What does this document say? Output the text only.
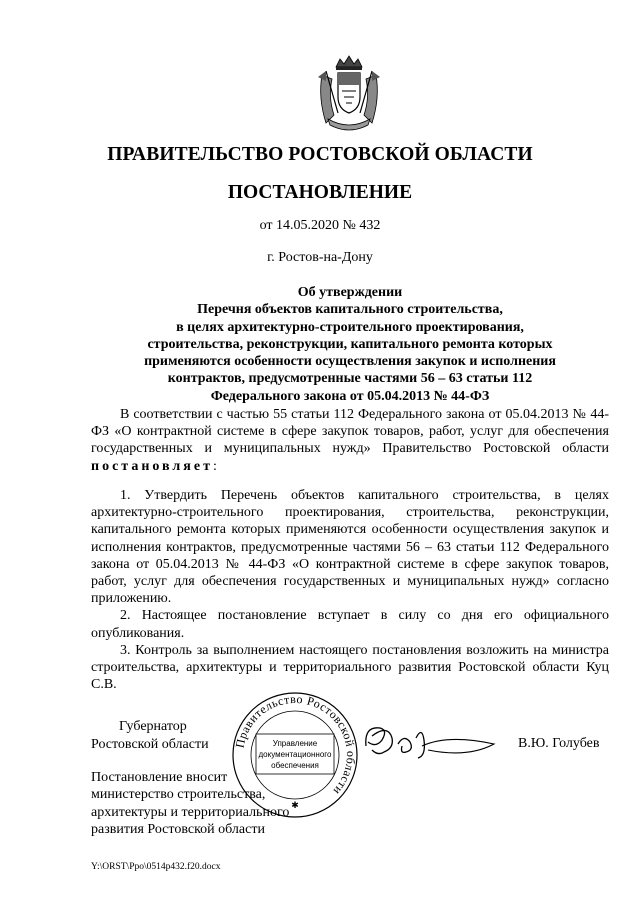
ПРАВИТЕЛЬСТВО РОСТОВСКОЙ ОБЛАСТИ
ПОСТАНОВЛЕНИЕ
от 14.05.2020 № 432
г. Ростов-на-Дону
Об утверждении
Перечня объектов капитального строительства,
в целях архитектурно-строительного проектирования,
строительства, реконструкции, капитального ремонта которых
применяются особенности осуществления закупок и исполнения
контрактов, предусмотренные частями 56 – 63 статьи 112
Федерального закона от 05.04.2013 № 44-ФЗ

В соответствии с частью 55 статьи 112 Федерального закона от 05.04.2013 № 44-ФЗ «О контрактной системе в сфере закупок товаров, работ, услуг для обеспечения государственных и муниципальных нужд» Правительство Ростовской области постановляет:

1. Утвердить Перечень объектов капитального строительства, в целях архитектурно-строительного проектирования, строительства, реконструкции, капитального ремонта которых применяются особенности осуществления закупок и исполнения контрактов, предусмотренные частями 56 – 63 статьи 112 Федерального закона от 05.04.2013 № 44-ФЗ «О контрактной системе в сфере закупок товаров, работ, услуг для обеспечения государственных и муниципальных нужд» согласно приложению.

2. Настоящее постановление вступает в силу со дня его официального опубликования.

3. Контроль за выполнением настоящего постановления возложить на министра строительства, архитектуры и территориального развития Ростовской области Куц С.В.

Правительство Ростовской области
Управление
документационного
обеспечения
✱
Губернатор
Ростовской области	В.Ю. Голубев
Постановление вносит
министерство строительства,
архитектуры и территориального
развития Ростовской области
Y:\ORST\Ppo\0514p432.f20.docx
